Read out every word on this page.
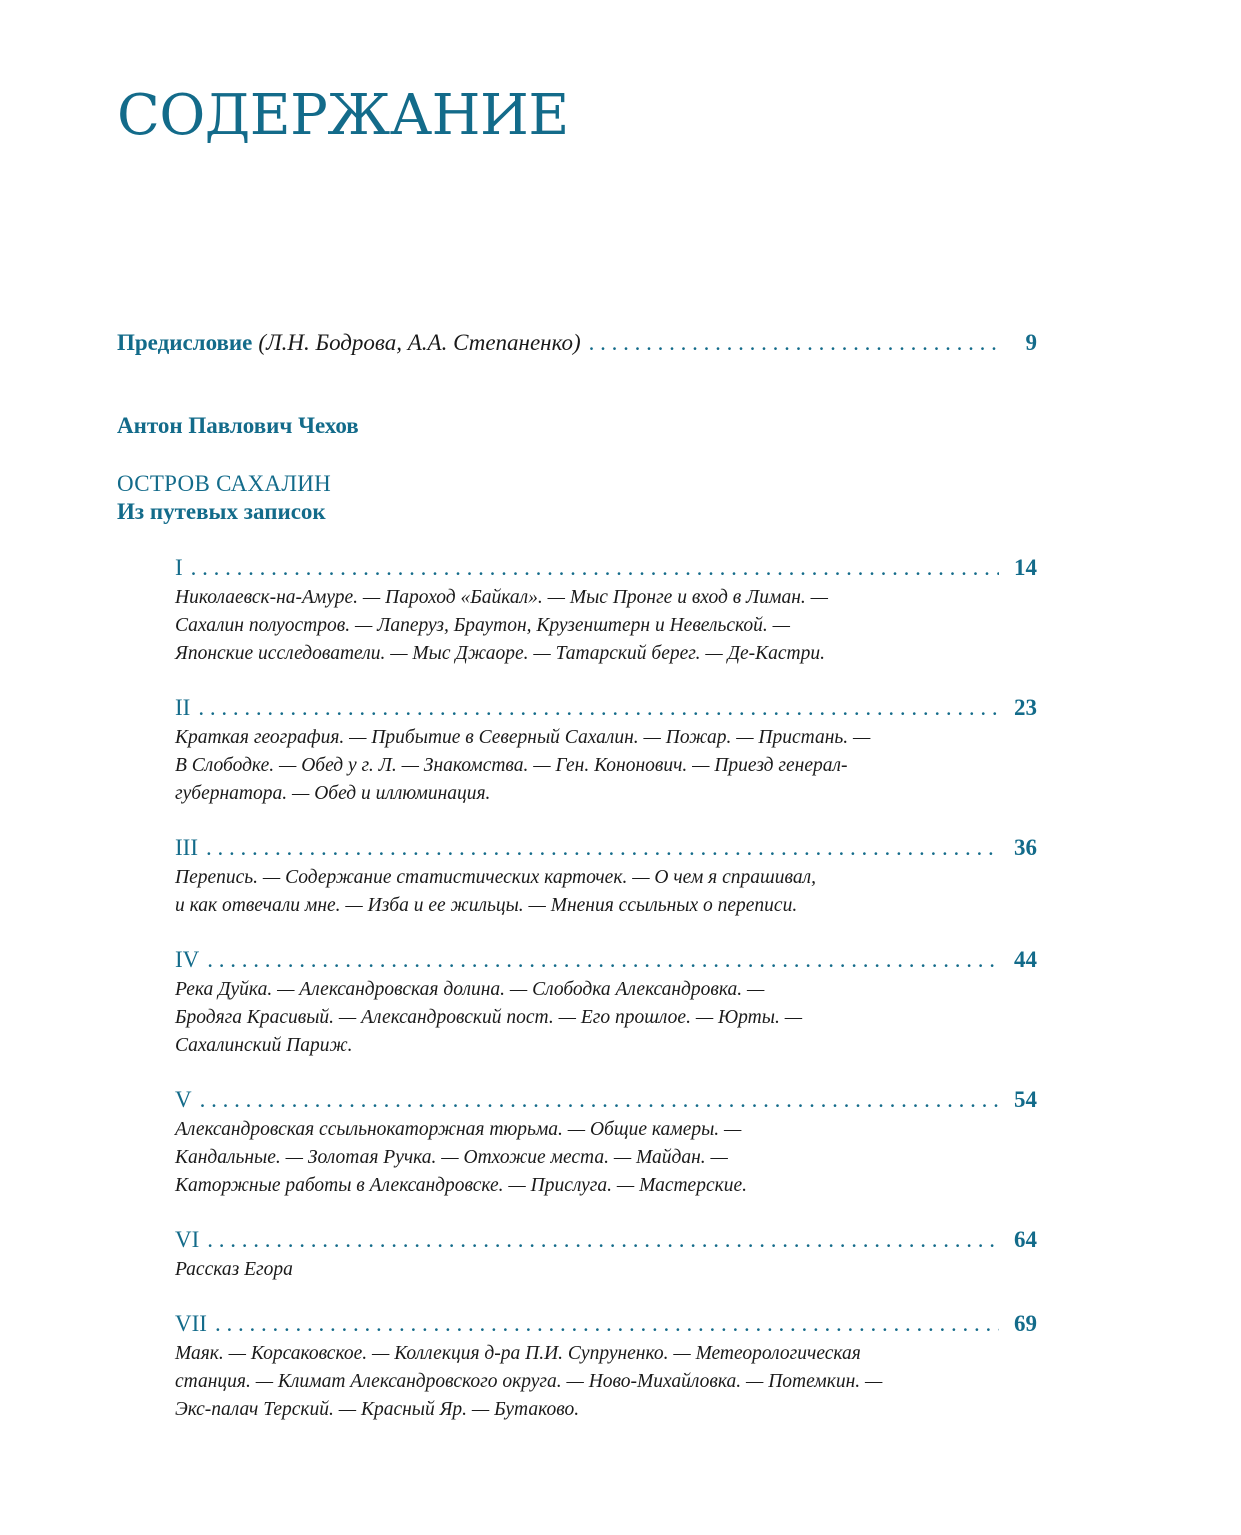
СОДЕРЖАНИЕ
Предисловие (Л.Н. Бодрова, А.А. Степаненко) . . .	9
Антон Павлович Чехов
ОСТРОВ САХАЛИН
Из путевых записок
I . . .	14
Николаевск-на-Амуре. — Пароход «Байкал». — Мыс Пронге и вход в Лиман. —
Сахалин полуостров. — Лаперуз, Браутон, Крузенштерн и Невельской. —
Японские исследователи. — Мыс Джаоре. — Татарский берег. — Де-Кастри.
II . . .	23
Краткая география. — Прибытие в Северный Сахалин. — Пожар. — Пристань. —
В Слободке. — Обед у г. Л. — Знакомства. — Ген. Кононович. — Приезд генерал-
губернатора. — Обед и иллюминация.
III . . .	36
Перепись. — Содержание статистических карточек. — О чем я спрашивал,
и как отвечали мне. — Изба и ее жильцы. — Мнения ссыльных о переписи.
IV . . .	44
Река Дуйка. — Александровская долина. — Слободка Александровка. —
Бродяга Красивый. — Александровский пост. — Его прошлое. — Юрты. —
Сахалинский Париж.
V . . .	54
Александровская ссыльнокаторжная тюрьма. — Общие камеры. —
Кандальные. — Золотая Ручка. — Отхожие места. — Майдан. —
Каторжные работы в Александровске. — Прислуга. — Мастерские.
VI . . .	64
Рассказ Егора
VII . . .	69
Маяк. — Корсаковское. — Коллекция д-ра П.И. Супруненко. — Метеорологическая
станция. — Климат Александровского округа. — Ново-Михайловка. — Потемкин. —
Экс-палач Терский. — Красный Яр. — Бутаково.
